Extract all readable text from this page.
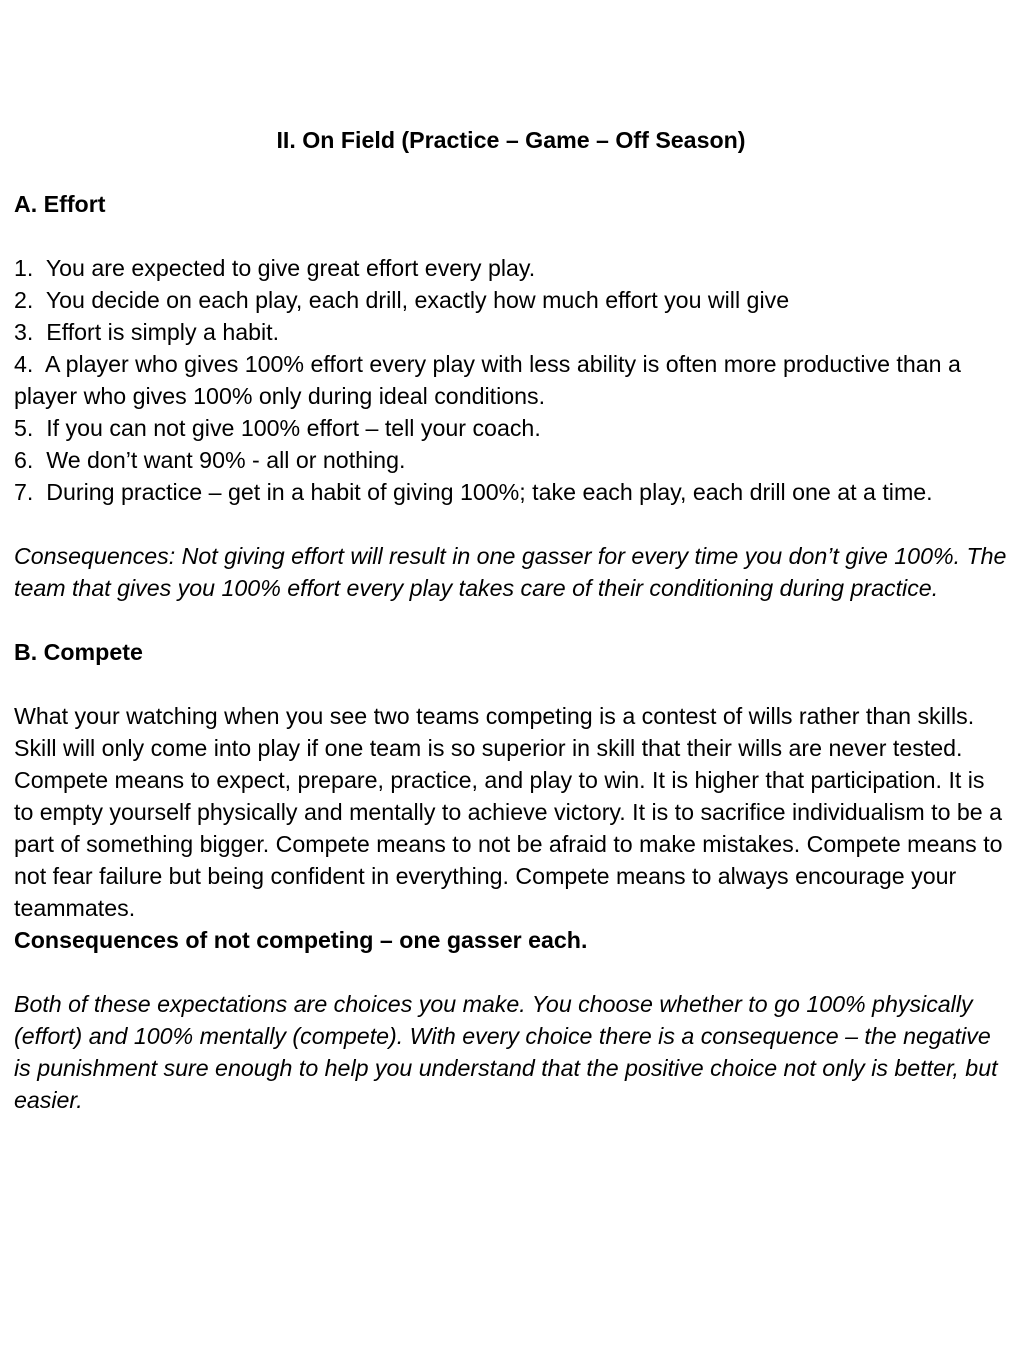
II. On Field (Practice – Game – Off Season)
A. Effort
1. You are expected to give great effort every play.
2. You decide on each play, each drill, exactly how much effort you will give
3. Effort is simply a habit.
4. A player who gives 100% effort every play with less ability is often more productive than a player who gives 100% only during ideal conditions.
5. If you can not give 100% effort – tell your coach.
6. We don’t want 90% - all or nothing.
7. During practice – get in a habit of giving 100%; take each play, each drill one at a time.
Consequences: Not giving effort will result in one gasser for every time you don’t give 100%. The team that gives you 100% effort every play takes care of their conditioning during practice.
B. Compete
What your watching when you see two teams competing is a contest of wills rather than skills. Skill will only come into play if one team is so superior in skill that their wills are never tested. Compete means to expect, prepare, practice, and play to win. It is higher that participation. It is to empty yourself physically and mentally to achieve victory. It is to sacrifice individualism to be a part of something bigger. Compete means to not be afraid to make mistakes. Compete means to not fear failure but being confident in everything. Compete means to always encourage your teammates.
Consequences of not competing – one gasser each.
Both of these expectations are choices you make. You choose whether to go 100% physically (effort) and 100% mentally (compete). With every choice there is a consequence – the negative is punishment sure enough to help you understand that the positive choice not only is better, but easier.
